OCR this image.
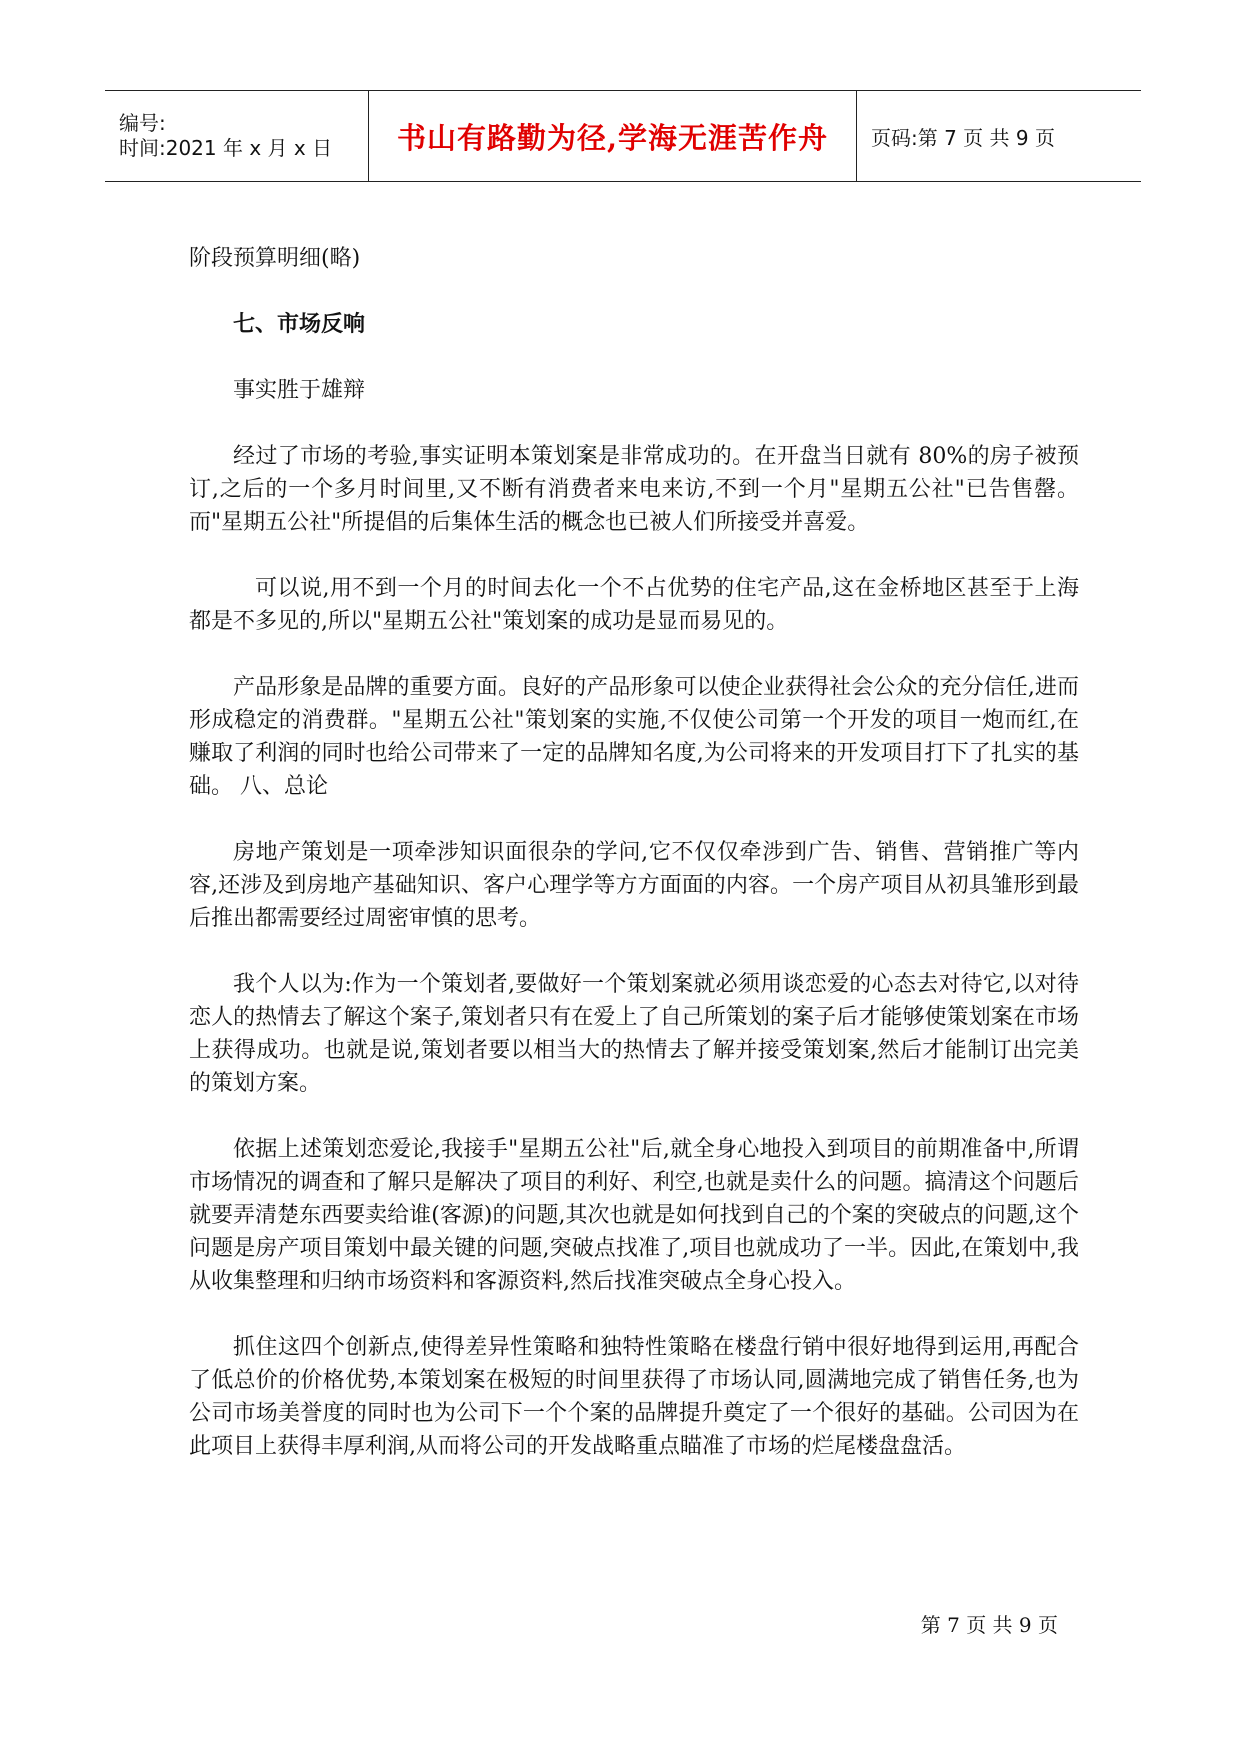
编号:
时间:2021 年 x 月 x 日	书山有路勤为径,学海无涯苦作舟	页码:第 7 页 共 9 页

阶段预算明细(略)

七、市场反响

事实胜于雄辩

经过了市场的考验,事实证明本策划案是非常成功的。在开盘当日就有 80%的房子被预订,之后的一个多月时间里,又不断有消费者来电来访,不到一个月"星期五公社"已告售罄。而"星期五公社"所提倡的后集体生活的概念也已被人们所接受并喜爱。

可以说,用不到一个月的时间去化一个不占优势的住宅产品,这在金桥地区甚至于上海都是不多见的,所以"星期五公社"策划案的成功是显而易见的。

产品形象是品牌的重要方面。良好的产品形象可以使企业获得社会公众的充分信任,进而形成稳定的消费群。"星期五公社"策划案的实施,不仅使公司第一个开发的项目一炮而红,在赚取了利润的同时也给公司带来了一定的品牌知名度,为公司将来的开发项目打下了扎实的基础。 八、总论

房地产策划是一项牵涉知识面很杂的学问,它不仅仅牵涉到广告、销售、营销推广等内容,还涉及到房地产基础知识、客户心理学等方方面面的内容。一个房产项目从初具雏形到最后推出都需要经过周密审慎的思考。

我个人以为:作为一个策划者,要做好一个策划案就必须用谈恋爱的心态去对待它,以对待恋人的热情去了解这个案子,策划者只有在爱上了自己所策划的案子后才能够使策划案在市场上获得成功。也就是说,策划者要以相当大的热情去了解并接受策划案,然后才能制订出完美的策划方案。

依据上述策划恋爱论,我接手"星期五公社"后,就全身心地投入到项目的前期准备中,所谓市场情况的调查和了解只是解决了项目的利好、利空,也就是卖什么的问题。搞清这个问题后就要弄清楚东西要卖给谁(客源)的问题,其次也就是如何找到自己的个案的突破点的问题,这个问题是房产项目策划中最关键的问题,突破点找准了,项目也就成功了一半。因此,在策划中,我从收集整理和归纳市场资料和客源资料,然后找准突破点全身心投入。

抓住这四个创新点,使得差异性策略和独特性策略在楼盘行销中很好地得到运用,再配合了低总价的价格优势,本策划案在极短的时间里获得了市场认同,圆满地完成了销售任务,也为公司市场美誉度的同时也为公司下一个个案的品牌提升奠定了一个很好的基础。公司因为在此项目上获得丰厚利润,从而将公司的开发战略重点瞄准了市场的烂尾楼盘盘活。

第 7 页 共 9 页
